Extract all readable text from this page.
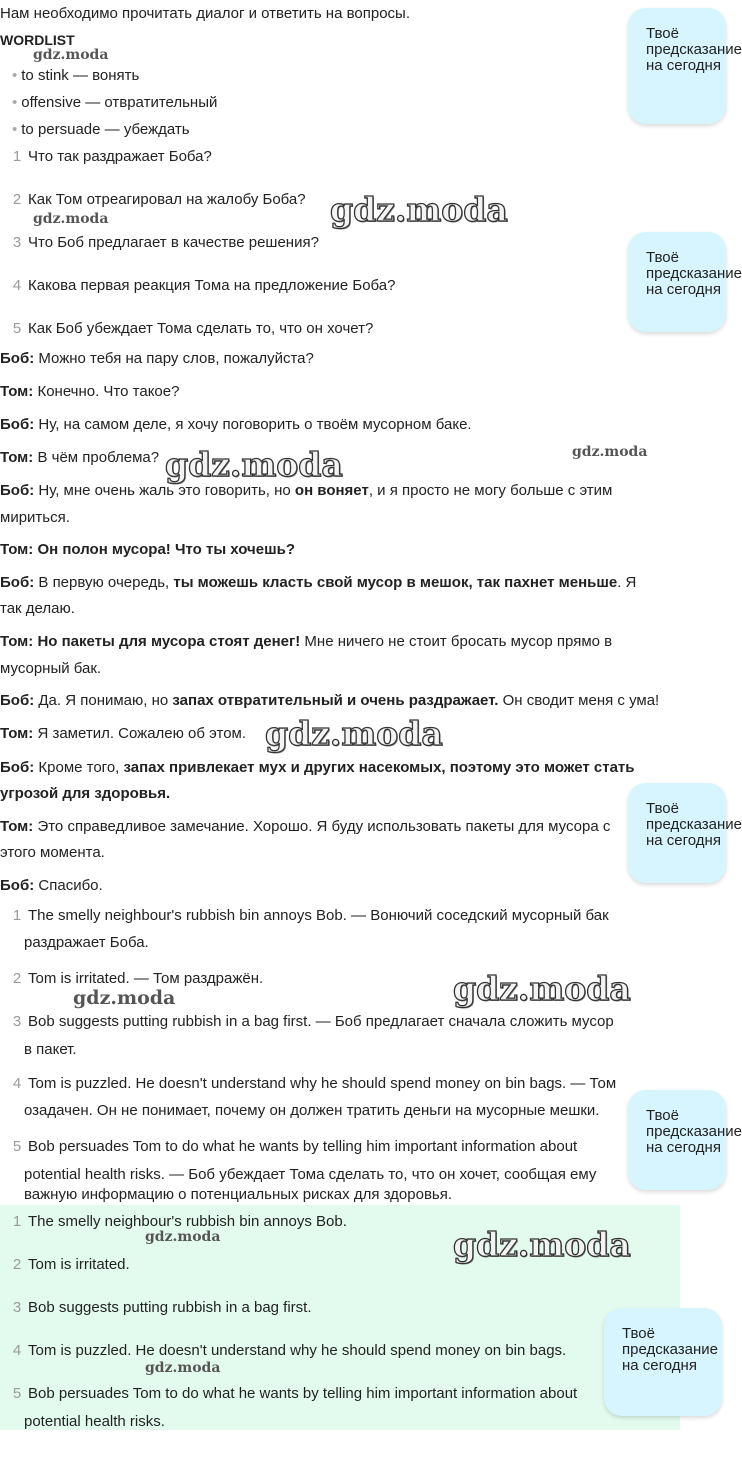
Нам необходимо прочитать диалог и ответить на вопросы.
WORDLIST
gdz.moda
• to stink — вонять
• offensive — отвратительный
• to persuade — убеждать
1 Что так раздражает Боба?
2 Как Том отреагировал на жалобу Боба?
gdz.moda	gdz.moda
3 Что Боб предлагает в качестве решения?
4 Какова первая реакция Тома на предложение Боба?
5 Как Боб убеждает Тома сделать то, что он хочет?
Боб: Можно тебя на пару слов, пожалуйста?
Том: Конечно. Что такое?
Боб: Ну, на самом деле, я хочу поговорить о твоём мусорном баке.
Том: В чём проблема? gdz.moda	gdz.moda
Боб: Ну, мне очень жаль это говорить, но он воняет, и я просто не могу больше с этим
мириться.
Том: Он полон мусора! Что ты хочешь?
Боб: В первую очередь, ты можешь класть свой мусор в мешок, так пахнет меньше. Я
так делаю.
Том: Но пакеты для мусора стоят денег! Мне ничего не стоит бросать мусор прямо в
мусорный бак.
Боб: Да. Я понимаю, но запах отвратительный и очень раздражает. Он сводит меня с ума!
Том: Я заметил. Сожалею об этом. gdz.moda
Боб: Кроме того, запах привлекает мух и других насекомых, поэтому это может стать
угрозой для здоровья.
Том: Это справедливое замечание. Хорошо. Я буду использовать пакеты для мусора с
этого момента.
Боб: Спасибо.
1 The smelly neighbour's rubbish bin annoys Bob. — Вонючий соседский мусорный бак
раздражает Боба.
2 Tom is irritated. — Том раздражён.
gdz.moda	gdz.moda
3 Bob suggests putting rubbish in a bag first. — Боб предлагает сначала сложить мусор
в пакет.
4 Tom is puzzled. He doesn't understand why he should spend money on bin bags. — Том
озадачен. Он не понимает, почему он должен тратить деньги на мусорные мешки.
5 Bob persuades Tom to do what he wants by telling him important information about
potential health risks. — Боб убеждает Тома сделать то, что он хочет, сообщая ему
важную информацию о потенциальных рисках для здоровья.
1 The smelly neighbour's rubbish bin annoys Bob.
gdz.moda	gdz.moda
2 Tom is irritated.
3 Bob suggests putting rubbish in a bag first.
4 Tom is puzzled. He doesn't understand why he should spend money on bin bags.
gdz.moda
5 Bob persuades Tom to do what he wants by telling him important information about
potential health risks.
Твоё
предсказание
на сегодня
Твоё
предсказание
на сегодня
Твоё
предсказание
на сегодня
Твоё
предсказание
на сегодня
Твоё
предсказание
на сегодня
